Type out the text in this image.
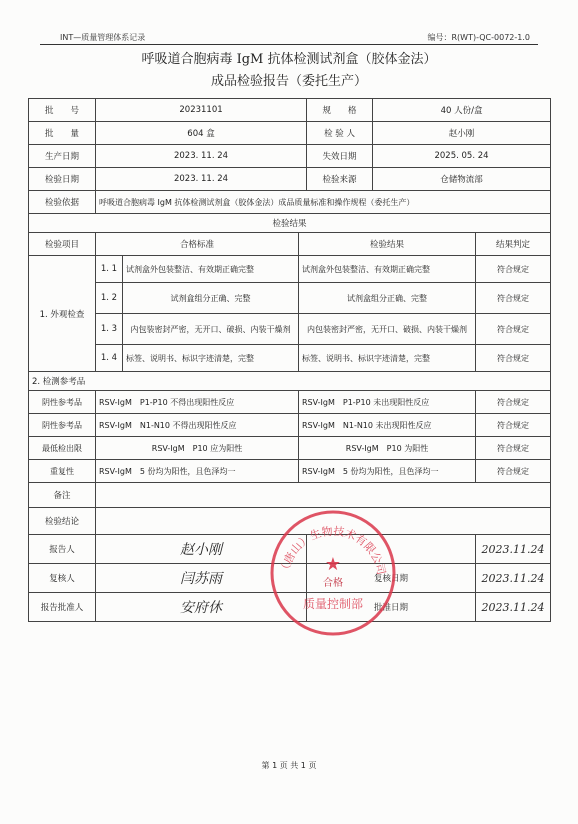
INT—质量管理体系记录	编号：R(WT)-QC-0072-1.0
呼吸道合胞病毒 IgM 抗体检测试剂盒（胶体金法）
成品检验报告（委托生产）
批　　号	20231101			规　　格	40 人份/盒	
批　　量	604 盒			检 验 人	赵小刚	
生产日期	2023. 11. 24			失效日期	2025. 05. 24	
检验日期	2023. 11. 24			检验来源	仓储物流部	
检验依据	呼吸道合胞病毒 IgM 抗体检测试剂盒（胶体金法）成品质量标准和操作规程（委托生产）					
检验结果						
检验项目	合格标准		检验结果			结果判定
1. 外观检查	1. 1	试剂盒外包装整洁、有效期正确完整	试剂盒外包装整洁、有效期正确完整			符合规定
	1. 2	试剂盒组分正确、完整	试剂盒组分正确、完整			符合规定
	1. 3	内包装密封严密，无开口、破损、内装干燥剂	内包装密封严密，无开口、破损、内装干燥剂			符合规定
	1. 4	标签、说明书、标识字迹清楚，完整	标签、说明书、标识字迹清楚，完整			符合规定
2. 检测参考品						
阴性参考品	RSV-IgM　P1-P10 不得出现阳性反应		RSV-IgM　P1-P10 未出现阳性反应			符合规定
阴性参考品	RSV-IgM　N1-N10 不得出现阳性反应		RSV-IgM　N1-N10 未出现阳性反应			符合规定
最低检出限	RSV-IgM　P10 应为阳性		RSV-IgM　P10 为阳性			符合规定
重复性	RSV-IgM　5 份均为阳性，且色泽均一		RSV-IgM　5 份均为阳性，且色泽均一			符合规定
备注						
检验结论						
报告人	赵小刚					2023.11.24
复核人	闫苏雨			复核日期		2023.11.24
报告批准人	安府休			批准日期		2023.11.24
（唐山）生物技术有限公司
★
合格
质量控制部
第 1 页 共 1 页
